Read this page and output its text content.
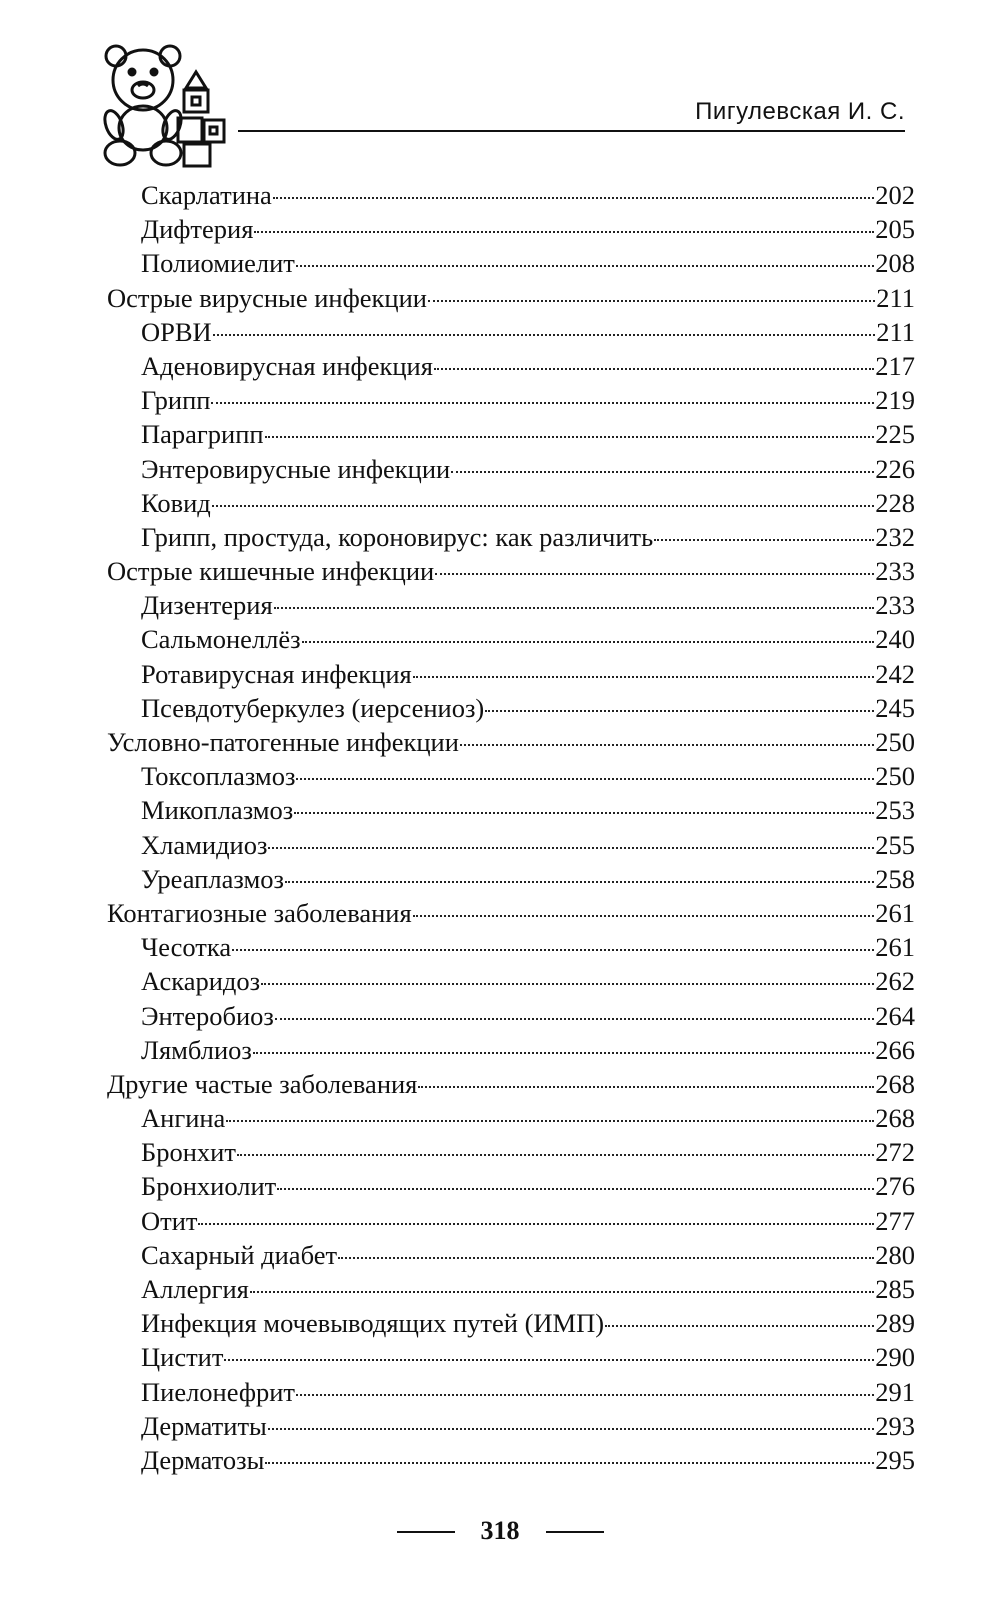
Пигулевская И. С.
Скарлатина	202
Дифтерия	205
Полиомиелит	208
Острые вирусные инфекции	211
ОРВИ	211
Аденовирусная инфекция	217
Грипп	219
Парагрипп	225
Энтеровирусные инфекции	226
Ковид	228
Грипп, простуда, короновирус: как различить	232
Острые кишечные инфекции	233
Дизентерия	233
Сальмонеллёз	240
Ротавирусная инфекция	242
Псевдотуберкулез (иерсениоз)	245
Условно-патогенные инфекции	250
Токсоплазмоз	250
Микоплазмоз	253
Хламидиоз	255
Уреаплазмоз	258
Контагиозные заболевания	261
Чесотка	261
Аскаридоз	262
Энтеробиоз	264
Лямблиоз	266
Другие частые заболевания	268
Ангина	268
Бронхит	272
Бронхиолит	276
Отит	277
Сахарный диабет	280
Аллергия	285
Инфекция мочевыводящих путей (ИМП)	289
Цистит	290
Пиелонефрит	291
Дерматиты	293
Дерматозы	295
318
